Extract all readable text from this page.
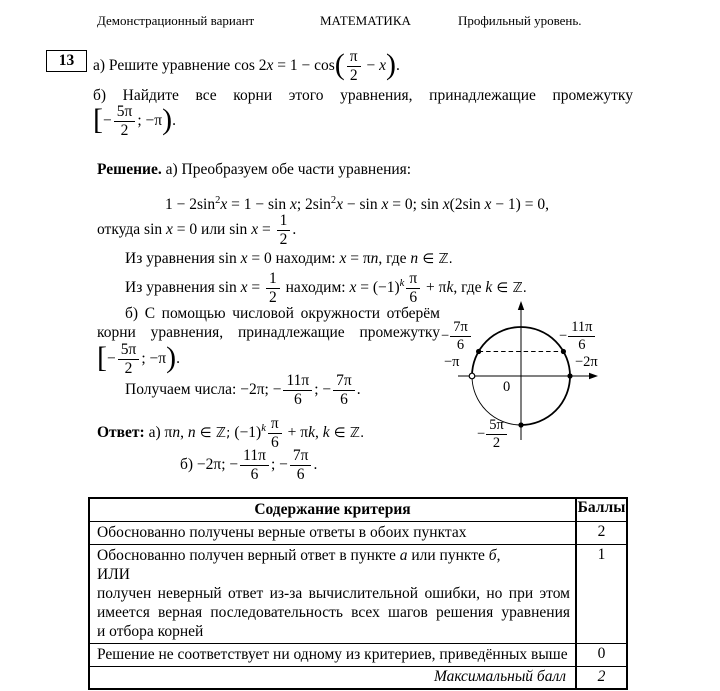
Демонстрационный вариант	МАТЕМАТИКА	Профильный уровень.
13	а) Решите уравнение $\cos 2x = 1 - \cos( \frac{\pi}{2} - x)$.
б) Найдите все корни этого уравнения, принадлежащие промежутку
[− $\frac{5\pi}{2}$ ; −π).
Решение. а) Преобразуем обе части уравнения:
$1 - 2\sin^2x = 1 - \sin x$; $2\sin^2x - \sin x = 0$; sin x(2sin x − 1) = 0,
откуда sin x = 0 или $\sin x = \frac{1}{2}$ .
Из уравнения sin x = 0 находим: x = πn, где n ∈ ℤ.
Из уравнения $\sin x = \frac{1}{2}$ находим: $x = (-1)^k \frac{\pi}{6} + \pi k$, где k ∈ ℤ.
б) С помощью числовой окружности отберём
корни уравнения, принадлежащие промежутку
[− $\frac{5\pi}{2}$ ; −π).
Получаем числа: −2π; − $\frac{11\pi}{6}$ ; − $\frac{7\pi}{6}$ .
Ответ: а) πn, n ∈ ℤ; $(-1)^k \frac{\pi}{6} + \pi k$, k ∈ ℤ.
б) −2π; − $\frac{11\pi}{6}$ ; − $\frac{7\pi}{6}$ .
− $\frac{7\pi}{6}$
−π
− $\frac{11\pi}{6}$
−2π
0
− $\frac{5\pi}{2}$
Содержание критерия	Баллы

Обоснованно получены верные ответы в обоих пунктах	2

Обоснованно получен верный ответ в пункте а или пункте б,
ИЛИ
получен неверный ответ из-за вычислительной ошибки, но при этом
имеется верная последовательность всех шагов решения уравнения
и отбора корней	1

Решение не соответствует ни одному из критериев, приведённых выше	0
Максимальный балл	2
